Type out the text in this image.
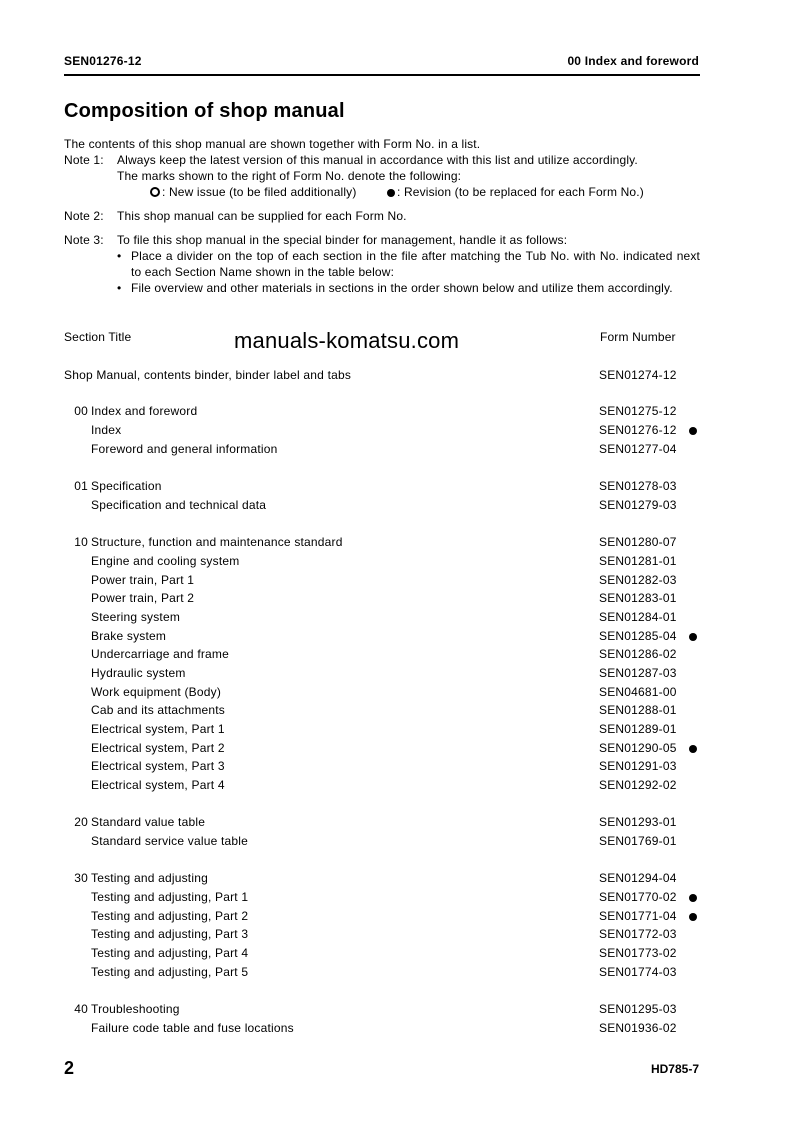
SEN01276-12	00 Index and foreword
Composition of shop manual
The contents of this shop manual are shown together with Form No. in a list.
Note 1: Always keep the latest version of this manual in accordance with this list and utilize accordingly.
The marks shown to the right of Form No. denote the following:
: New issue (to be filed additionally)	: Revision (to be replaced for each Form No.)
Note 2: This shop manual can be supplied for each Form No.
Note 3: To file this shop manual in the special binder for management, handle it as follows:
• Place a divider on the top of each section in the file after matching the Tub No. with No. indicated next to each Section Name shown in the table below:
• File overview and other materials in sections in the order shown below and utilize them accordingly.
Section Title	Form Number
manuals-komatsu.com
Shop Manual, contents binder, binder label and tabs	SEN01274-12
00 Index and foreword	SEN01275-12
Index	SEN01276-12
Foreword and general information	SEN01277-04
01 Specification	SEN01278-03
Specification and technical data	SEN01279-03
10 Structure, function and maintenance standard	SEN01280-07
Engine and cooling system	SEN01281-01
Power train, Part 1	SEN01282-03
Power train, Part 2	SEN01283-01
Steering system	SEN01284-01
Brake system	SEN01285-04
Undercarriage and frame	SEN01286-02
Hydraulic system	SEN01287-03
Work equipment (Body)	SEN04681-00
Cab and its attachments	SEN01288-01
Electrical system, Part 1	SEN01289-01
Electrical system, Part 2	SEN01290-05
Electrical system, Part 3	SEN01291-03
Electrical system, Part 4	SEN01292-02
20 Standard value table	SEN01293-01
Standard service value table	SEN01769-01
30 Testing and adjusting	SEN01294-04
Testing and adjusting, Part 1	SEN01770-02
Testing and adjusting, Part 2	SEN01771-04
Testing and adjusting, Part 3	SEN01772-03
Testing and adjusting, Part 4	SEN01773-02
Testing and adjusting, Part 5	SEN01774-03
40 Troubleshooting	SEN01295-03
Failure code table and fuse locations	SEN01936-02
2	HD785-7
